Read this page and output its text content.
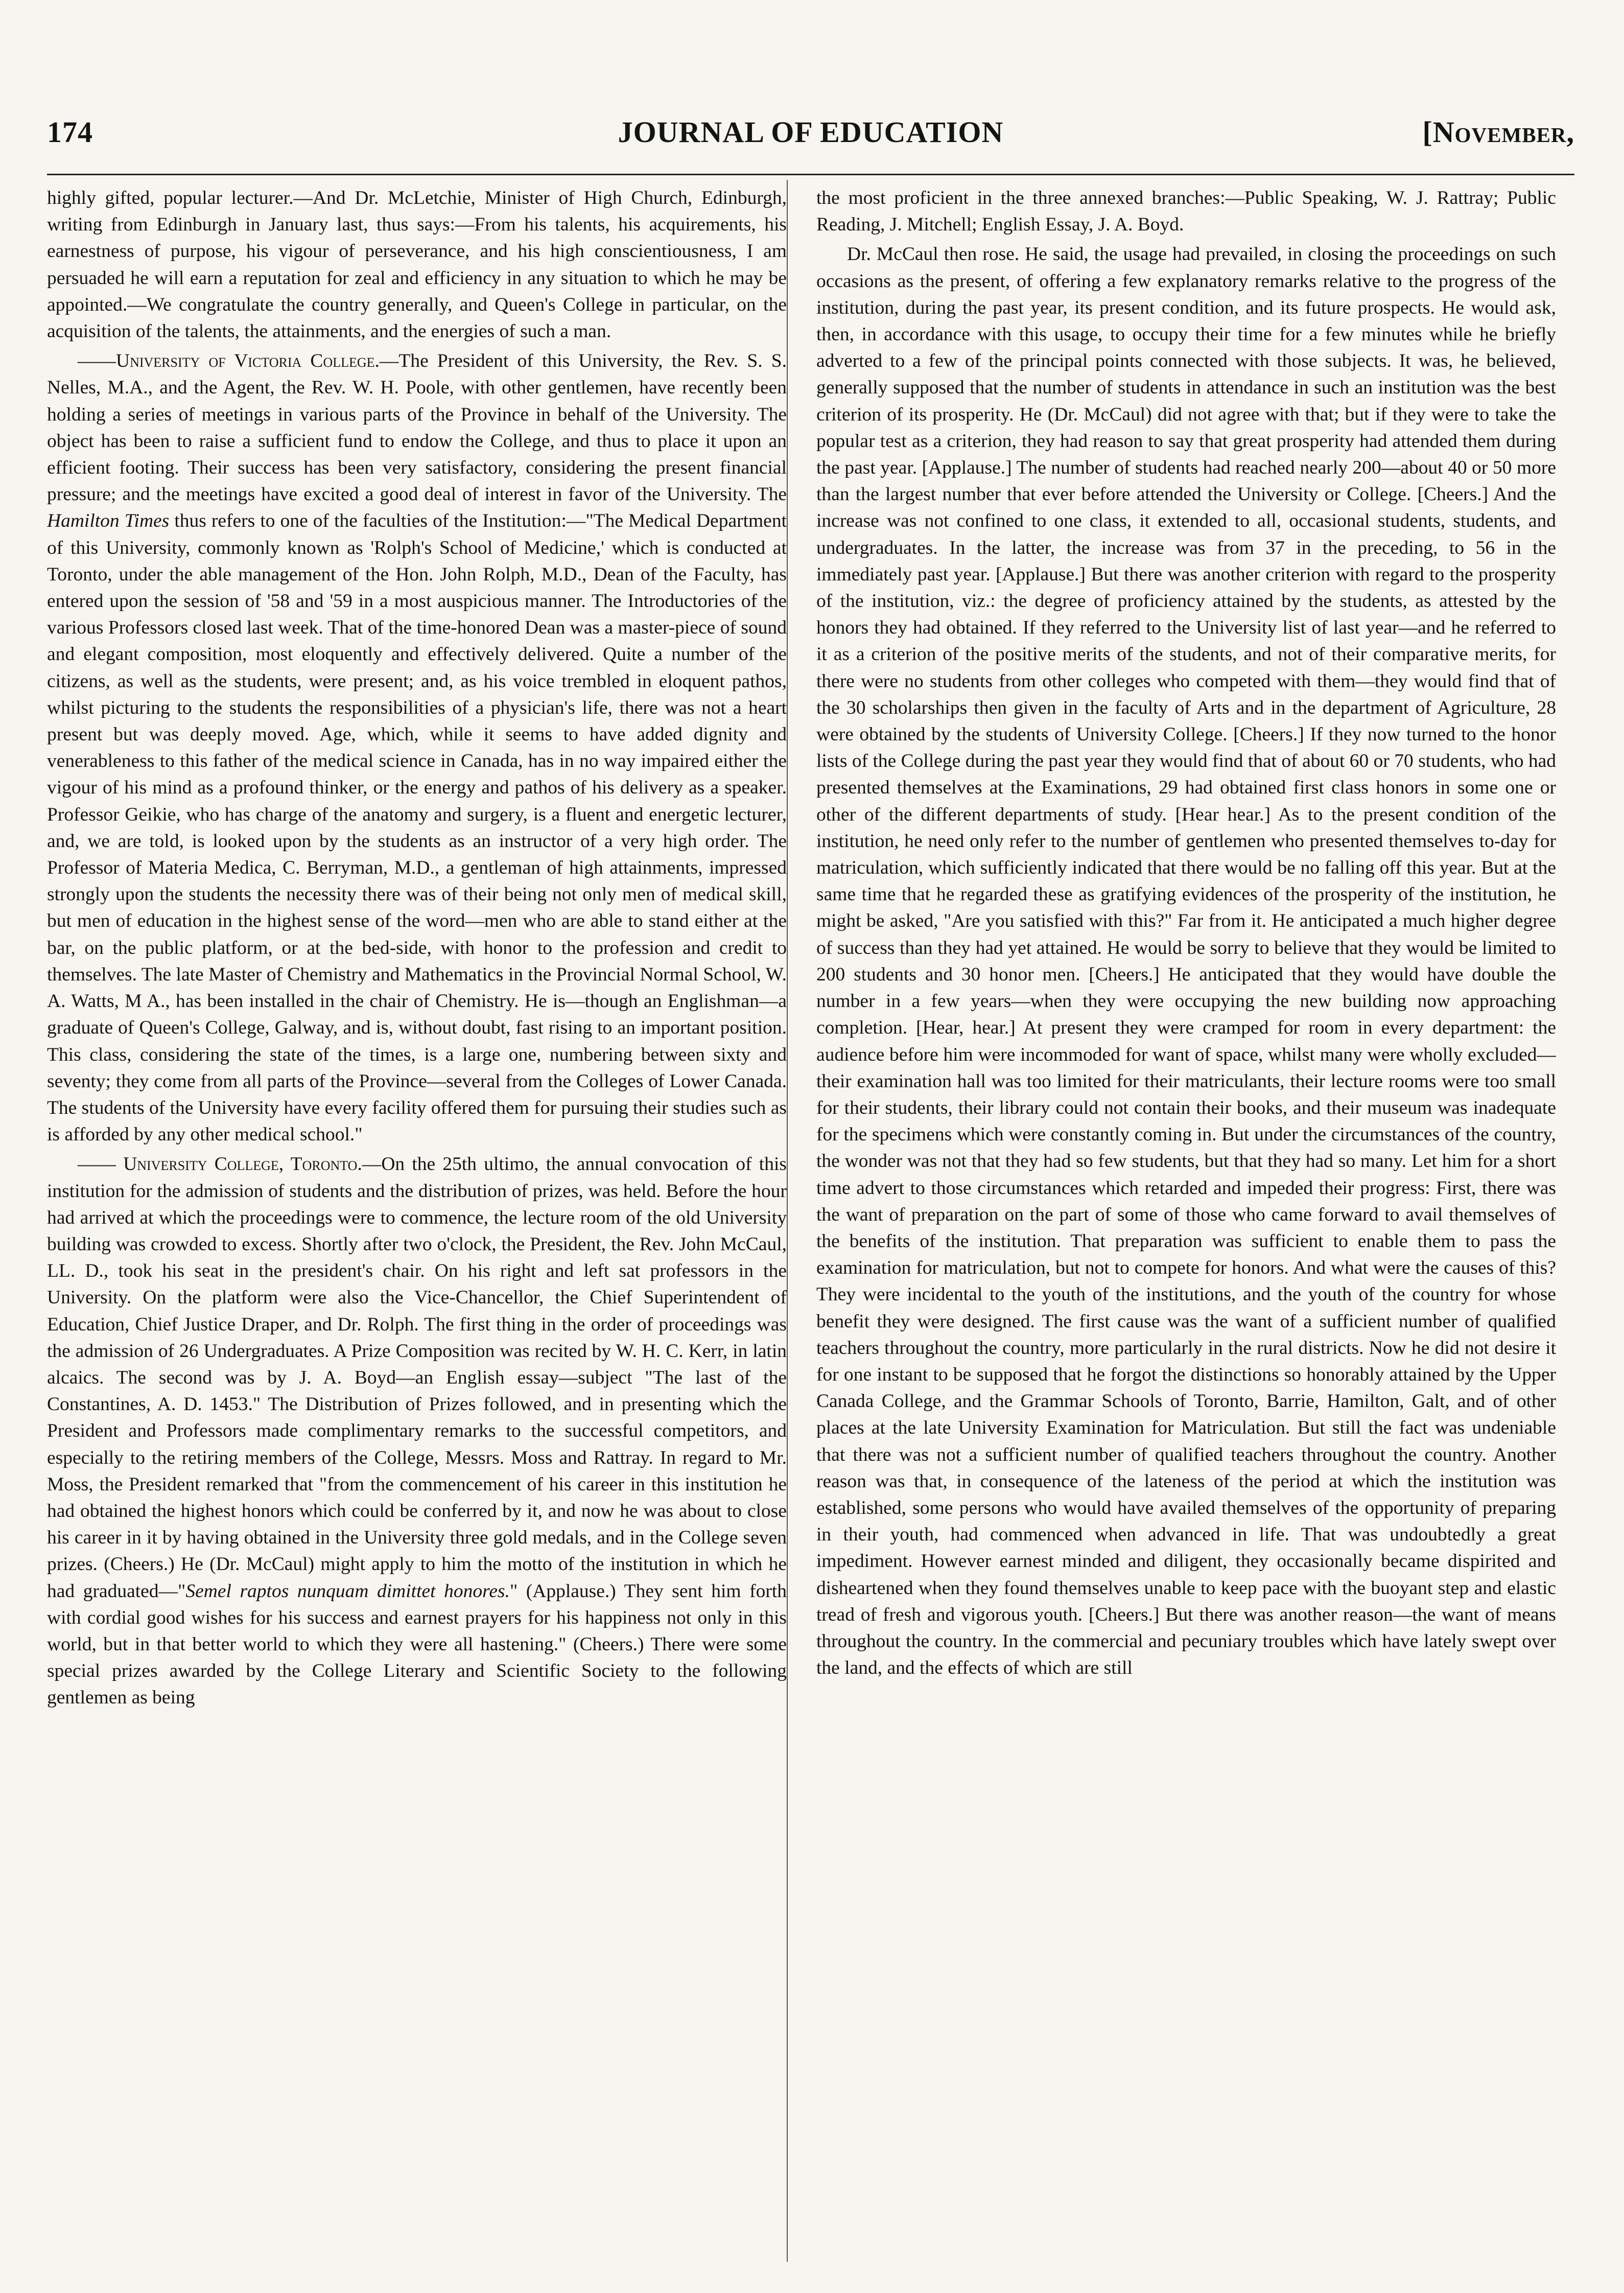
174	JOURNAL OF EDUCATION	[November,

highly gifted, popular lecturer.—And Dr. McLetchie, Minister of High Church, Edinburgh, writing from Edinburgh in January last, thus says:—From his talents, his acquirements, his earnestness of purpose, his vigour of perseverance, and his high conscientiousness, I am persuaded he will earn a reputation for zeal and efficiency in any situation to which he may be appointed.—We congratulate the country generally, and Queen's College in particular, on the acquisition of the talents, the attainments, and the energies of such a man.

——University of Victoria College.—The President of this University, the Rev. S. S. Nelles, M.A., and the Agent, the Rev. W. H. Poole, with other gentlemen, have recently been holding a series of meetings in various parts of the Province in behalf of the University. The object has been to raise a sufficient fund to endow the College, and thus to place it upon an efficient footing. Their success has been very satisfactory, considering the present financial pressure; and the meetings have excited a good deal of interest in favor of the University. The Hamilton Times thus refers to one of the faculties of the Institution:—"The Medical Department of this University, commonly known as 'Rolph's School of Medicine,' which is conducted at Toronto, under the able management of the Hon. John Rolph, M.D., Dean of the Faculty, has entered upon the session of '58 and '59 in a most auspicious manner. The Introductories of the various Professors closed last week. That of the time-honored Dean was a master-piece of sound and elegant composition, most eloquently and effectively delivered. Quite a number of the citizens, as well as the students, were present; and, as his voice trembled in eloquent pathos, whilst picturing to the students the responsibilities of a physician's life, there was not a heart present but was deeply moved. Age, which, while it seems to have added dignity and venerableness to this father of the medical science in Canada, has in no way impaired either the vigour of his mind as a profound thinker, or the energy and pathos of his delivery as a speaker. Professor Geikie, who has charge of the anatomy and surgery, is a fluent and energetic lecturer, and, we are told, is looked upon by the students as an instructor of a very high order. The Professor of Materia Medica, C. Berryman, M.D., a gentleman of high attainments, impressed strongly upon the students the necessity there was of their being not only men of medical skill, but men of education in the highest sense of the word—men who are able to stand either at the bar, on the public platform, or at the bed-side, with honor to the profession and credit to themselves. The late Master of Chemistry and Mathematics in the Provincial Normal School, W. A. Watts, M A., has been installed in the chair of Chemistry. He is—though an Englishman—a graduate of Queen's College, Galway, and is, without doubt, fast rising to an important position. This class, considering the state of the times, is a large one, numbering between sixty and seventy; they come from all parts of the Province—several from the Colleges of Lower Canada. The students of the University have every facility offered them for pursuing their studies such as is afforded by any other medical school."

—— University College, Toronto.—On the 25th ultimo, the annual convocation of this institution for the admission of students and the distribution of prizes, was held. Before the hour had arrived at which the proceedings were to commence, the lecture room of the old University building was crowded to excess. Shortly after two o'clock, the President, the Rev. John McCaul, LL. D., took his seat in the president's chair. On his right and left sat professors in the University. On the platform were also the Vice-Chancellor, the Chief Superintendent of Education, Chief Justice Draper, and Dr. Rolph. The first thing in the order of proceedings was the admission of 26 Undergraduates. A Prize Composition was recited by W. H. C. Kerr, in latin alcaics. The second was by J. A. Boyd—an English essay—subject "The last of the Constantines, A. D. 1453." The Distribution of Prizes followed, and in presenting which the President and Professors made complimentary remarks to the successful competitors, and especially to the retiring members of the College, Messrs. Moss and Rattray. In regard to Mr. Moss, the President remarked that "from the commencement of his career in this institution he had obtained the highest honors which could be conferred by it, and now he was about to close his career in it by having obtained in the University three gold medals, and in the College seven prizes. (Cheers.) He (Dr. McCaul) might apply to him the motto of the institution in which he had graduated—"Semel raptos nunquam dimittet honores." (Applause.) They sent him forth with cordial good wishes for his success and earnest prayers for his happiness not only in this world, but in that better world to which they were all hastening." (Cheers.) There were some special prizes awarded by the College Literary and Scientific Society to the following gentlemen as being

the most proficient in the three annexed branches:—Public Speaking, W. J. Rattray; Public Reading, J. Mitchell; English Essay, J. A. Boyd.

Dr. McCaul then rose. He said, the usage had prevailed, in closing the proceedings on such occasions as the present, of offering a few explanatory remarks relative to the progress of the institution, during the past year, its present condition, and its future prospects. He would ask, then, in accordance with this usage, to occupy their time for a few minutes while he briefly adverted to a few of the principal points connected with those subjects. It was, he believed, generally supposed that the number of students in attendance in such an institution was the best criterion of its prosperity. He (Dr. McCaul) did not agree with that; but if they were to take the popular test as a criterion, they had reason to say that great prosperity had attended them during the past year. [Applause.] The number of students had reached nearly 200—about 40 or 50 more than the largest number that ever before attended the University or College. [Cheers.] And the increase was not confined to one class, it extended to all, occasional students, students, and undergraduates. In the latter, the increase was from 37 in the preceding, to 56 in the immediately past year. [Applause.] But there was another criterion with regard to the prosperity of the institution, viz.: the degree of proficiency attained by the students, as attested by the honors they had obtained. If they referred to the University list of last year—and he referred to it as a criterion of the positive merits of the students, and not of their comparative merits, for there were no students from other colleges who competed with them—they would find that of the 30 scholarships then given in the faculty of Arts and in the department of Agriculture, 28 were obtained by the students of University College. [Cheers.] If they now turned to the honor lists of the College during the past year they would find that of about 60 or 70 students, who had presented themselves at the Examinations, 29 had obtained first class honors in some one or other of the different departments of study. [Hear hear.] As to the present condition of the institution, he need only refer to the number of gentlemen who presented themselves to-day for matriculation, which sufficiently indicated that there would be no falling off this year. But at the same time that he regarded these as gratifying evidences of the prosperity of the institution, he might be asked, "Are you satisfied with this?" Far from it. He anticipated a much higher degree of success than they had yet attained. He would be sorry to believe that they would be limited to 200 students and 30 honor men. [Cheers.] He anticipated that they would have double the number in a few years—when they were occupying the new building now approaching completion. [Hear, hear.] At present they were cramped for room in every department: the audience before him were incommoded for want of space, whilst many were wholly excluded—their examination hall was too limited for their matriculants, their lecture rooms were too small for their students, their library could not contain their books, and their museum was inadequate for the specimens which were constantly coming in. But under the circumstances of the country, the wonder was not that they had so few students, but that they had so many. Let him for a short time advert to those circumstances which retarded and impeded their progress: First, there was the want of preparation on the part of some of those who came forward to avail themselves of the benefits of the institution. That preparation was sufficient to enable them to pass the examination for matriculation, but not to compete for honors. And what were the causes of this? They were incidental to the youth of the institutions, and the youth of the country for whose benefit they were designed. The first cause was the want of a sufficient number of qualified teachers throughout the country, more particularly in the rural districts. Now he did not desire it for one instant to be supposed that he forgot the distinctions so honorably attained by the Upper Canada College, and the Grammar Schools of Toronto, Barrie, Hamilton, Galt, and of other places at the late University Examination for Matriculation. But still the fact was undeniable that there was not a sufficient number of qualified teachers throughout the country. Another reason was that, in consequence of the lateness of the period at which the institution was established, some persons who would have availed themselves of the opportunity of preparing in their youth, had commenced when advanced in life. That was undoubtedly a great impediment. However earnest minded and diligent, they occasionally became dispirited and disheartened when they found themselves unable to keep pace with the buoyant step and elastic tread of fresh and vigorous youth. [Cheers.] But there was another reason—the want of means throughout the country. In the commercial and pecuniary troubles which have lately swept over the land, and the effects of which are still
